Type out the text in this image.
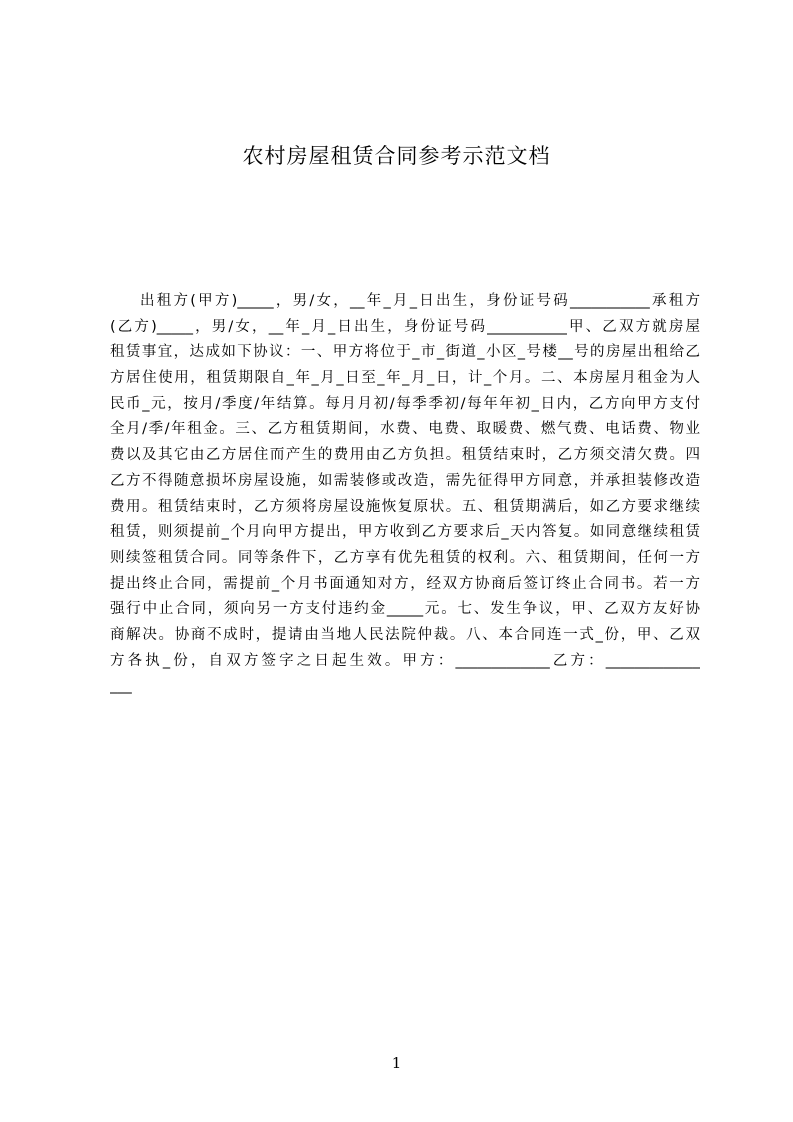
农村房屋租赁合同参考示范文档
出租方(甲方)_____，男/女，__年_月_日出生，身份证号码___________承租方
(乙方)_____，男/女，__年_月_日出生，身份证号码___________甲、乙双方就房屋
租赁事宜，达成如下协议：一、甲方将位于_市_街道_小区_号楼__号的房屋出租给乙
方居住使用，租赁期限自_年_月_日至_年_月_日，计_个月。二、本房屋月租金为人
民币_元，按月/季度/年结算。每月月初/每季季初/每年年初_日内，乙方向甲方支付
全月/季/年租金。三、乙方租赁期间，水费、电费、取暖费、燃气费、电话费、物业
费以及其它由乙方居住而产生的费用由乙方负担。租赁结束时，乙方须交清欠费。四
乙方不得随意损坏房屋设施，如需装修或改造，需先征得甲方同意，并承担装修改造
费用。租赁结束时，乙方须将房屋设施恢复原状。五、租赁期满后，如乙方要求继续
租赁，则须提前_个月向甲方提出，甲方收到乙方要求后_天内答复。如同意继续租赁
则续签租赁合同。同等条件下，乙方享有优先租赁的权利。六、租赁期间，任何一方
提出终止合同，需提前_个月书面通知对方，经双方协商后签订终止合同书。若一方
强行中止合同，须向另一方支付违约金_____元。七、发生争议，甲、乙双方友好协
商解决。协商不成时，提请由当地人民法院仲裁。八、本合同连一式_份，甲、乙双
方各执_份，自双方签字之日起生效。甲方：_____________乙方：_____________
___
1
